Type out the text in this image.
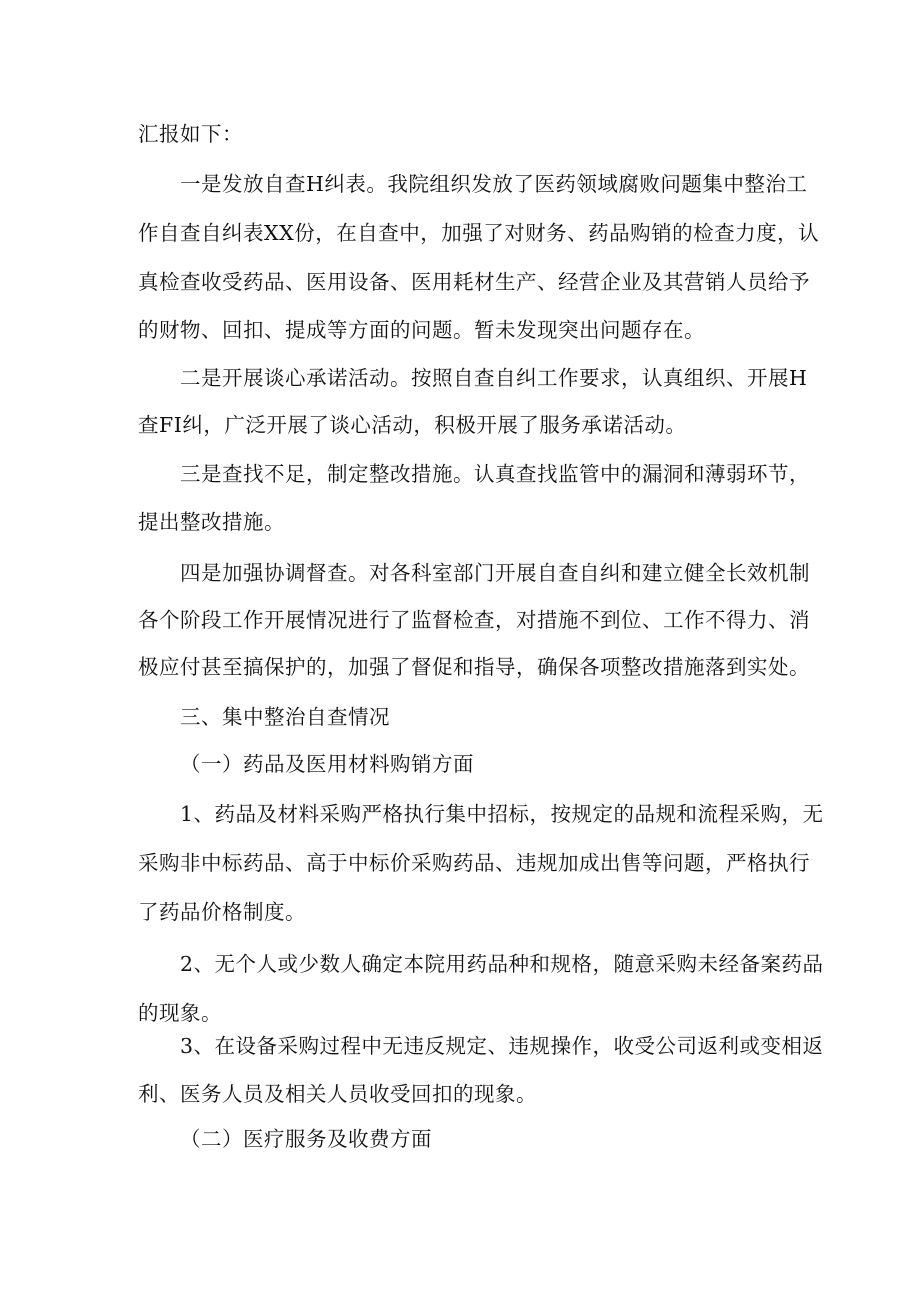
汇报如下：

一是发放自查H纠表。我院组织发放了医药领域腐败问题集中整治工

作自查自纠表XX份，在自查中，加强了对财务、药品购销的检查力度，认

真检查收受药品、医用设备、医用耗材生产、经营企业及其营销人员给予

的财物、回扣、提成等方面的问题。暂未发现突出问题存在。

二是开展谈心承诺活动。按照自查自纠工作要求，认真组织、开展H

查FI纠，广泛开展了谈心活动，积极开展了服务承诺活动。

三是查找不足，制定整改措施。认真查找监管中的漏洞和薄弱环节，

提出整改措施。

四是加强协调督查。对各科室部门开展自查自纠和建立健全长效机制

各个阶段工作开展情况进行了监督检查，对措施不到位、工作不得力、消

极应付甚至搞保护的，加强了督促和指导，确保各项整改措施落到实处。

三、集中整治自查情况

（一）药品及医用材料购销方面

1、药品及材料采购严格执行集中招标，按规定的品规和流程采购，无

采购非中标药品、高于中标价采购药品、违规加成出售等问题，严格执行

了药品价格制度。

2、无个人或少数人确定本院用药品种和规格，随意采购未经备案药品

的现象。

3、在设备采购过程中无违反规定、违规操作，收受公司返利或变相返

利、医务人员及相关人员收受回扣的现象。

（二）医疗服务及收费方面
